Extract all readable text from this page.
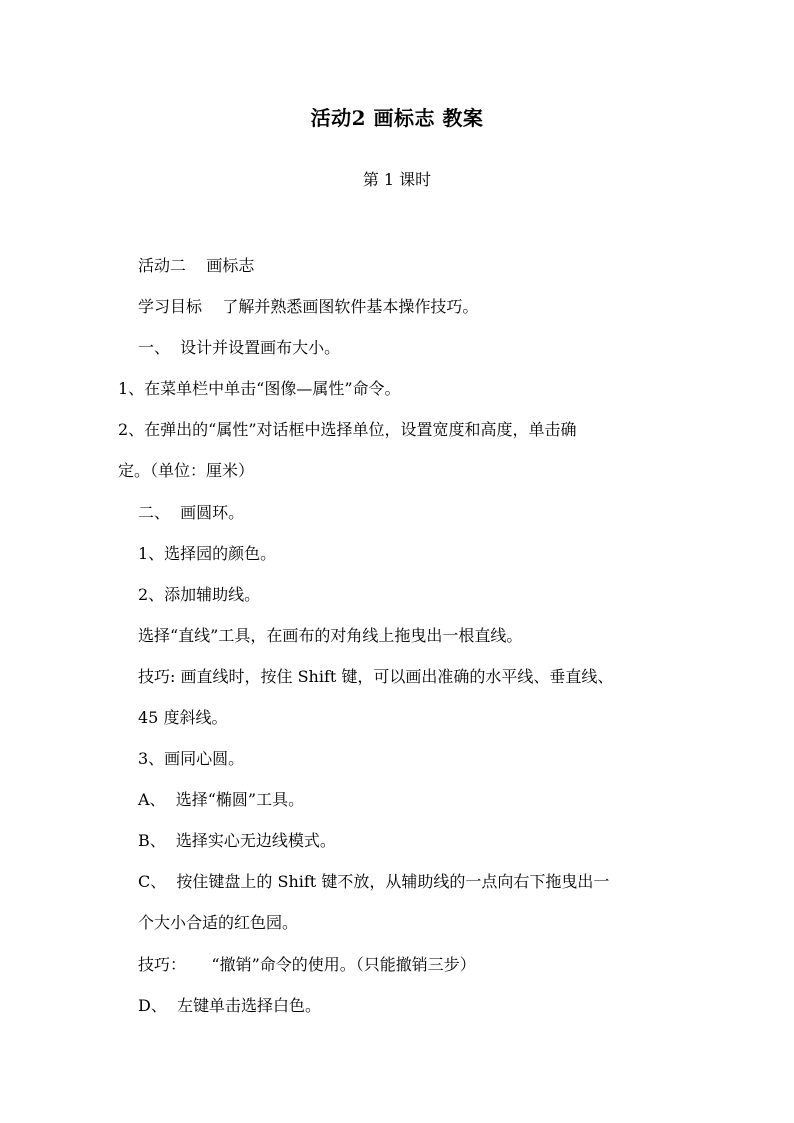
活动2 画标志 教案
第 1 课时
活动二    画标志
学习目标    了解并熟悉画图软件基本操作技巧。
一、  设计并设置画布大小。
1、在菜单栏中单击“图像—属性”命令。
2、在弹出的“属性”对话框中选择单位，设置宽度和高度，单击确
定。（单位：厘米）
二、  画圆环。
1、选择园的颜色。
2、添加辅助线。
选择“直线”工具，在画布的对角线上拖曳出一根直线。
技巧: 画直线时，按住 Shift 键，可以画出准确的水平线、垂直线、
45 度斜线。
3、画同心圆。
A、  选择“椭圆”工具。
B、  选择实心无边线模式。
C、  按住键盘上的 Shift 键不放，从辅助线的一点向右下拖曳出一
个大小合适的红色园。
技巧：     “撤销”命令的使用。（只能撤销三步）
D、  左键单击选择白色。
